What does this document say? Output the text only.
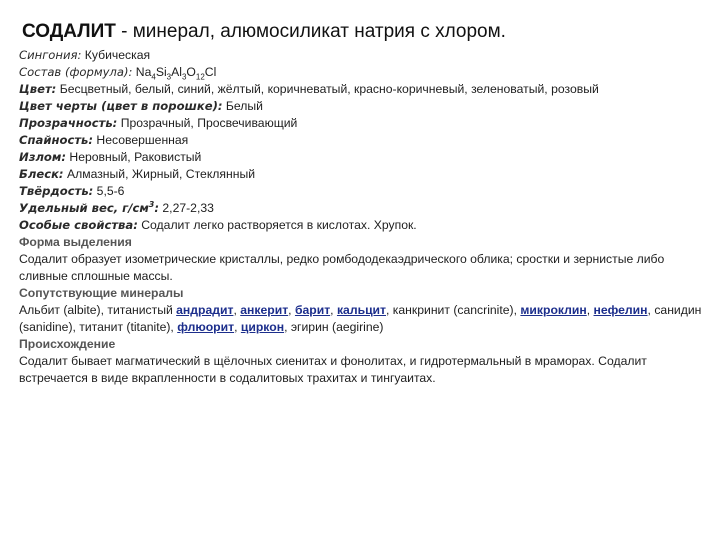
СОДАЛИТ - минерал, алюмосиликат натрия с хлором.

Сингония: Кубическая

Состав (формула): $Na_4Si_3Al_3O_{12}Cl$

Цвет: Бесцветный, белый, синий, жёлтый, коричневатый, красно-коричневый, зеленоватый, розовый

Цвет черты (цвет в порошке): Белый

Прозрачность: Прозрачный, Просвечивающий

Спайность: Несовершенная

Излом: Неровный, Раковистый

Блеск: Алмазный, Жирный, Стеклянный

Твёрдость: 5,5-6

Удельный вес, $г/см^3$: 2,27-2,33

Особые свойства: Содалит легко растворяется в кислотах. Хрупок.

Форма выделения

Содалит образует изометрические кристаллы, редко ромбододекаэдрического облика; сростки и зернистые либо сливные сплошные массы.

Сопутствующие минералы

Альбит (albite), титанистый андрадит, анкерит, барит, кальцит, канкринит (cancrinite), микроклин, нефелин, санидин (sanidine), титанит (titanite), флюорит, циркон, эгирин (aegirine)

Происхождение

Содалит бывает магматический в щёлочных сиенитах и фонолитах, и гидротермальный в мраморах. Содалит встречается в виде вкрапленности в содалитовых трахитах и тингуаитах.
